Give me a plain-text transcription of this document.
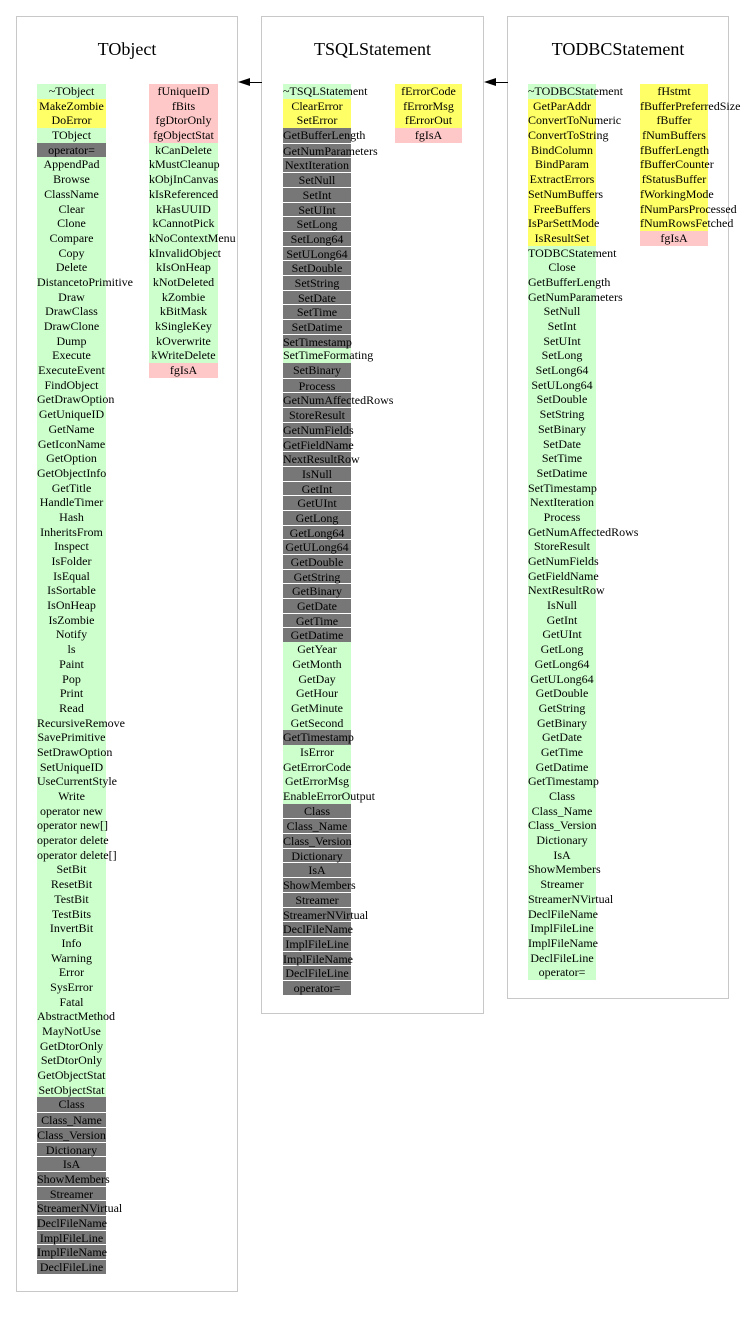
TObject
~TObject
MakeZombie
DoError
TObject
operator=
AppendPad
Browse
ClassName
Clear
Clone
Compare
Copy
Delete
DistancetoPrimitive
Draw
DrawClass
DrawClone
Dump
Execute
ExecuteEvent
FindObject
GetDrawOption
GetUniqueID
GetName
GetIconName
GetOption
GetObjectInfo
GetTitle
HandleTimer
Hash
InheritsFrom
Inspect
IsFolder
IsEqual
IsSortable
IsOnHeap
IsZombie
Notify
ls
Paint
Pop
Print
Read
RecursiveRemove
SavePrimitive
SetDrawOption
SetUniqueID
UseCurrentStyle
Write
operator new
operator new[]
operator delete
operator delete[]
SetBit
ResetBit
TestBit
TestBits
InvertBit
Info
Warning
Error
SysError
Fatal
AbstractMethod
MayNotUse
GetDtorOnly
SetDtorOnly
GetObjectStat
SetObjectStat
Class
Class_Name
Class_Version
Dictionary
IsA
ShowMembers
Streamer
StreamerNVirtual
DeclFileName
ImplFileLine
ImplFileName
DeclFileLine
fUniqueID
fBits
fgDtorOnly
fgObjectStat
kCanDelete
kMustCleanup
kObjInCanvas
kIsReferenced
kHasUUID
kCannotPick
kNoContextMenu
kInvalidObject
kIsOnHeap
kNotDeleted
kZombie
kBitMask
kSingleKey
kOverwrite
kWriteDelete
fgIsA
TSQLStatement
~TSQLStatement
ClearError
SetError
GetBufferLength
GetNumParameters
NextIteration
SetNull
SetInt
SetUInt
SetLong
SetLong64
SetULong64
SetDouble
SetString
SetDate
SetTime
SetDatime
SetTimestamp
SetTimeFormating
SetBinary
Process
GetNumAffectedRows
StoreResult
GetNumFields
GetFieldName
NextResultRow
IsNull
GetInt
GetUInt
GetLong
GetLong64
GetULong64
GetDouble
GetString
GetBinary
GetDate
GetTime
GetDatime
GetYear
GetMonth
GetDay
GetHour
GetMinute
GetSecond
GetTimestamp
IsError
GetErrorCode
GetErrorMsg
EnableErrorOutput
Class
Class_Name
Class_Version
Dictionary
IsA
ShowMembers
Streamer
StreamerNVirtual
DeclFileName
ImplFileLine
ImplFileName
DeclFileLine
operator=
fErrorCode
fErrorMsg
fErrorOut
fgIsA
TODBCStatement
~TODBCStatement
GetParAddr
ConvertToNumeric
ConvertToString
BindColumn
BindParam
ExtractErrors
SetNumBuffers
FreeBuffers
IsParSettMode
IsResultSet
TODBCStatement
Close
GetBufferLength
GetNumParameters
SetNull
SetInt
SetUInt
SetLong
SetLong64
SetULong64
SetDouble
SetString
SetBinary
SetDate
SetTime
SetDatime
SetTimestamp
NextIteration
Process
GetNumAffectedRows
StoreResult
GetNumFields
GetFieldName
NextResultRow
IsNull
GetInt
GetUInt
GetLong
GetLong64
GetULong64
GetDouble
GetString
GetBinary
GetDate
GetTime
GetDatime
GetTimestamp
Class
Class_Name
Class_Version
Dictionary
IsA
ShowMembers
Streamer
StreamerNVirtual
DeclFileName
ImplFileLine
ImplFileName
DeclFileLine
operator=
fHstmt
fBufferPreferredSize
fBuffer
fNumBuffers
fBufferLength
fBufferCounter
fStatusBuffer
fWorkingMode
fNumParsProcessed
fNumRowsFetched
fgIsA
